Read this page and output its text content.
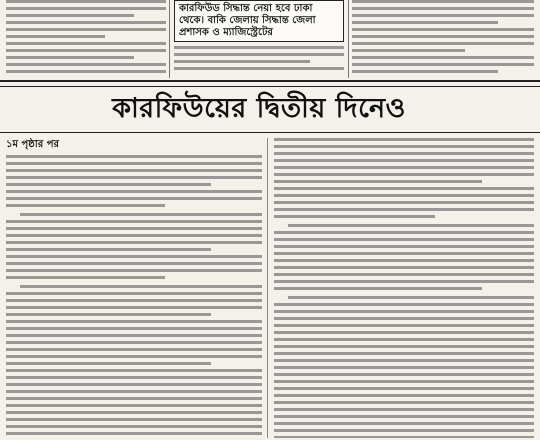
কারফিউড সিদ্ধান্ত নেয়া হবে ঢাকা থেকে। বাকি জেলায় সিদ্ধান্ত জেলা প্রশাসক ও ম্যাজিস্ট্রেটের
কারফিউয়ের দ্বিতীয় দিনেও
১ম পৃষ্ঠার পর
